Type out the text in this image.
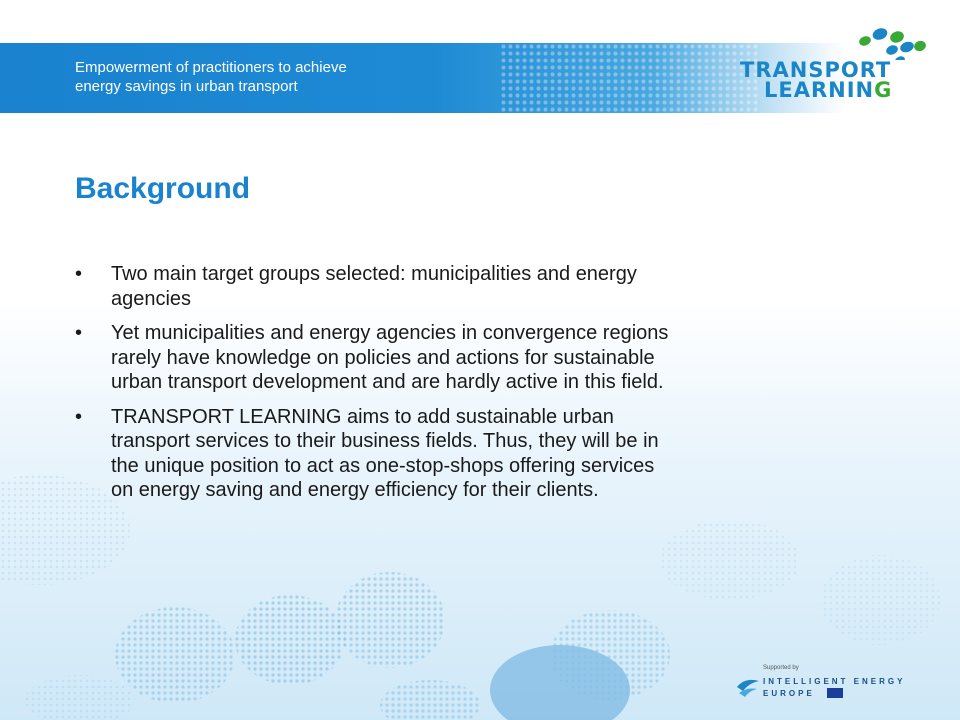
Empowerment of practitioners to achieve
energy savings in urban transport
TRANSPORT
LEARNING
Background
• Two main target groups selected: municipalities and energy agencies
• Yet municipalities and energy agencies in convergence regions rarely have knowledge on policies and actions for sustainable urban transport development and are hardly active in this field.
• TRANSPORT LEARNING aims to add sustainable urban transport services to their business fields. Thus, they will be in the unique position to act as one-stop-shops offering services on energy saving and energy efficiency for their clients.
Supported by
INTELLIGENT ENERGY
EUROPE
